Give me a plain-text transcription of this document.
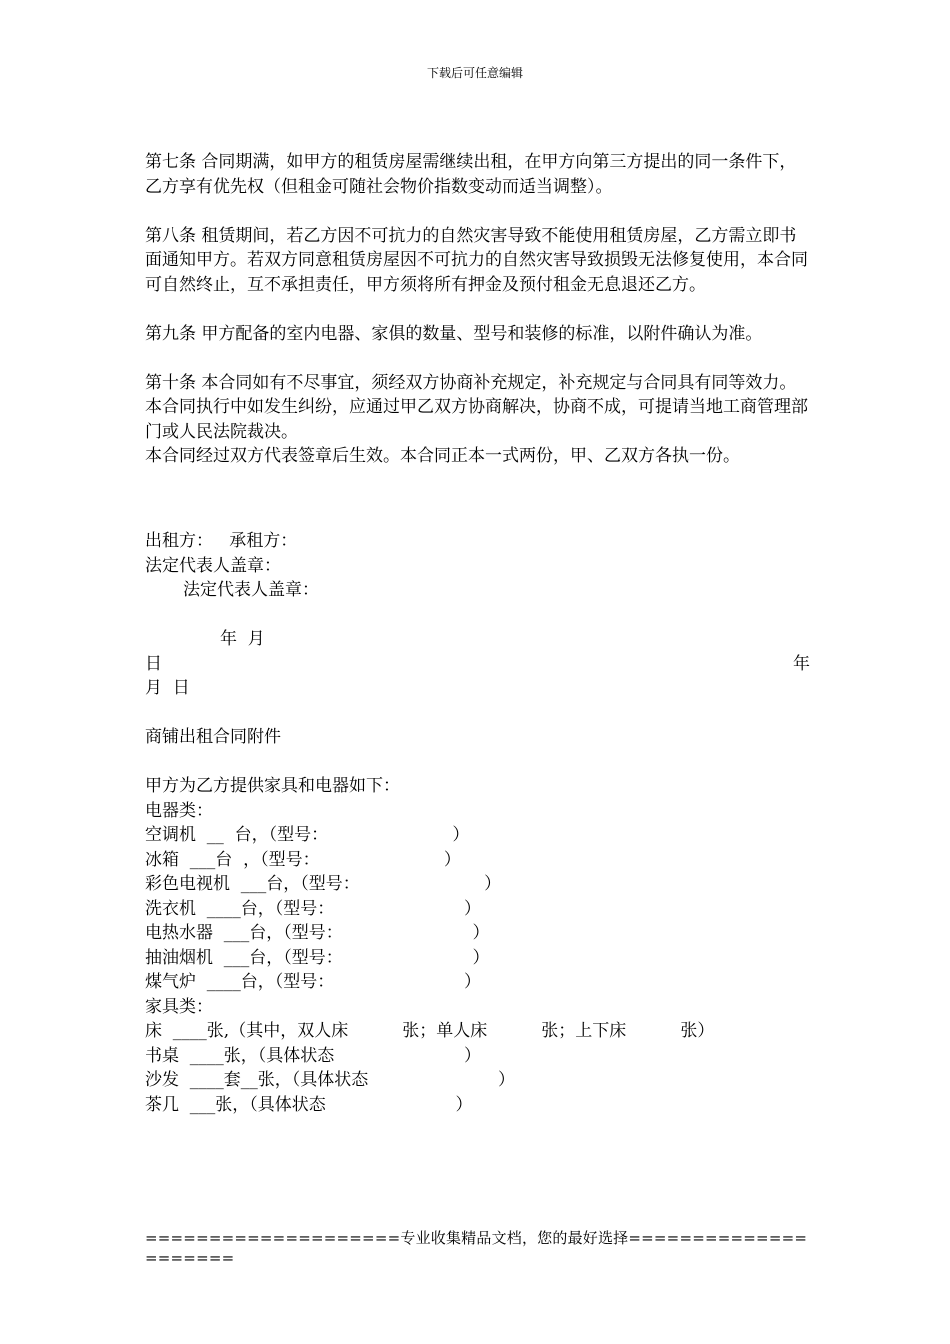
下载后可任意编辑

第七条 合同期满，如甲方的租赁房屋需继续出租，在甲方向第三方提出的同一条件下，乙方享有优先权（但租金可随社会物价指数变动而适当调整）。

第八条 租赁期间，若乙方因不可抗力的自然灾害导致不能使用租赁房屋，乙方需立即书面通知甲方。若双方同意租赁房屋因不可抗力的自然灾害导致损毁无法修复使用，本合同可自然终止，互不承担责任，甲方须将所有押金及预付租金无息退还乙方。

第九条 甲方配备的室内电器、家俱的数量、型号和装修的标准，以附件确认为准。

第十条 本合同如有不尽事宜，须经双方协商补充规定，补充规定与合同具有同等效力。

本合同执行中如发生纠纷，应通过甲乙双方协商解决，协商不成，可提请当地工商管理部门或人民法院裁决。

本合同经过双方代表签章后生效。本合同正本一式两份，甲、乙双方各执一份。

出租方：   承租方：

法定代表人盖章：

法定代表人盖章：

年  月

日	年

月  日

商铺出租合同附件

甲方为乙方提供家具和电器如下：

电器类：

空调机  __  台，（型号：                       ）

冰箱  ___台  ，（型号：                       ）

彩色电视机  ___台，（型号：                       ）

洗衣机  ____台，（型号：                        ）

电热水器  ___台，（型号：                        ）

抽油烟机  ___台，（型号：                        ）

煤气炉  ____台，（型号：                        ）

家具类：

床  ____张,（其中，双人床          张；单人床          张；上下床          张）

书桌  ____张，（具体状态                        ）

沙发  ____套__张，（具体状态                        ）

茶几  ___张，（具体状态                        ）

====================专业收集精品文档，您的最好选择=====================
